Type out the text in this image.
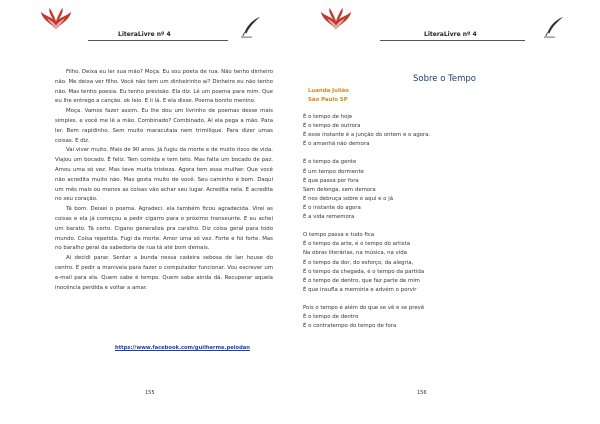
LiteraLivre nº 4

Filho. Deixa eu ler sua mão? Moça. Eu sou poeta de rua. Não tenho dinheiro não. Me deixa ver filho. Você não tem um dinheirinho aí? Dinheiro eu não tenho não. Mas tenho poesia. Eu tenho previsão. Ela diz. Lê um poema para mim. Que eu lhe entrego a canção. ok leio. E li lá. E ela disse. Poema bonito menino.

Moça. Vamos fazer assim. Eu lhe dou um livrinho de poemas desse mais simples. e você me lê a mão. Combinado? Combinado. Aí ela pega a mão. Para ler. Bem rapidinho. Sem muito maracutaia nem trimilique. Para dizer umas coisas. E diz.

Vai viver muito. Mais de 90 anos. Já fugiu da morte e de muito risco de vida. Viajou um bocado. É feliz. Tem comida e tem teto. Mas falta um bocado de paz. Amou uma só vez. Mas teve muita tristeza. Agora tem essa mulher. Que você não acredita muito não. Mas gosta muito de você. Seu caminho é bom. Daqui um mês mais ou menos as coisas vão achar seu lugar. Acredita nela. E acredita no seu coração.

Tá bom. Deixei o poema. Agradeci. ela também ficou agradecida. Virei as coisas e ela já começou a pedir cigarro para o próximo transeunte. E eu achei um barato. Tá certo. Cigano generaliza pra caralho. Diz coisa geral para todo mundo. Coisa repetida. Fugi da morte. Amor uma só vez. Forte e foi forte. Mas no baralho geral da sabedoria de rua tá até bom demais.

Aí decidi parar. Sentar a bunda nessa cadeira sebosa de lan house do centro. E pedir a manivela para fazer o computador funcionar. Vou escrever um e-mail para ela. Quem sabe é tempo. Quem sabe ainda dá. Recuperar aquela inocência perdida e voltar a amar.

https://www.facebook.com/guilherme.pelodan
155
LiteraLivre nº 4
Sobre o Tempo
Luanda Julião
São Paulo SP
É o tempo de hoje
É o tempo de outrora
É esse instante é a junção do ontem e o agora.
É o amanhã não demora
É o tempo da gente
É um tempo dormente
É que passa por fora
Sem delonga, sem demora
E nos debruça sobre o aqui e o já
É o instante do agora
É a vida rememora
O tempo passa e tudo fica
É o tempo da arte, é o tempo do artista
Na obras literárias, na música, na vida
É o tempo da dor, do esforço, da alegria,
É o tempo da chegada, é o tempo da partida
É o tempo de dentro, que faz parte de mim
É que insufla a memória e advém o porvir
Pois o tempo é além do que se vê e se prevê
É o tempo de dentro
É o contratempo do tempo de fora
156
